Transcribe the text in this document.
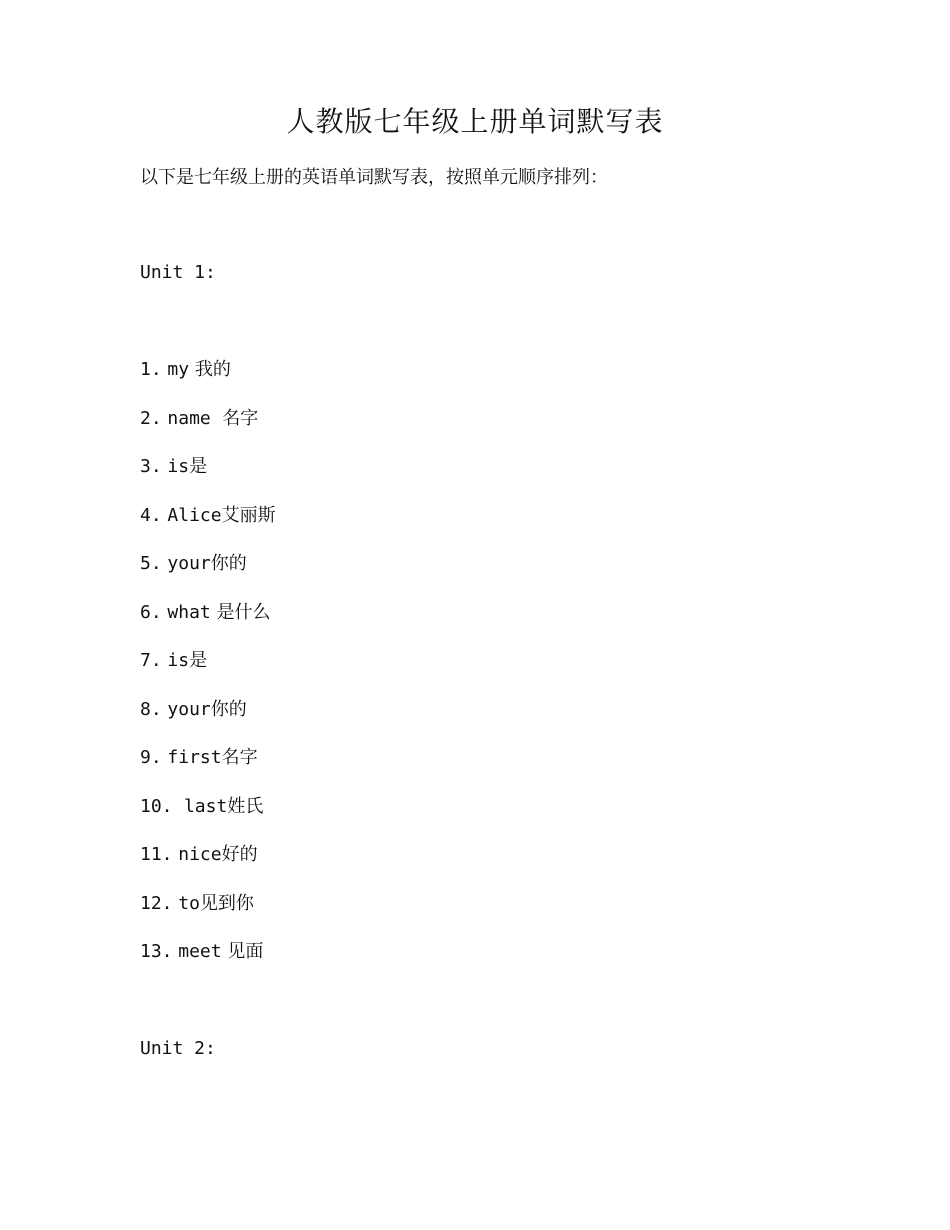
人教版七年级上册单词默写表
以下是七年级上册的英语单词默写表，按照单元顺序排列：
Unit 1:
1. my 我的
2. name 名字
3. is是
4. Alice艾丽斯
5. your你的
6. what 是什么
7. is是
8. your你的
9. first名字
10. last姓氏
11. nice好的
12. to见到你
13. meet 见面
Unit 2:
